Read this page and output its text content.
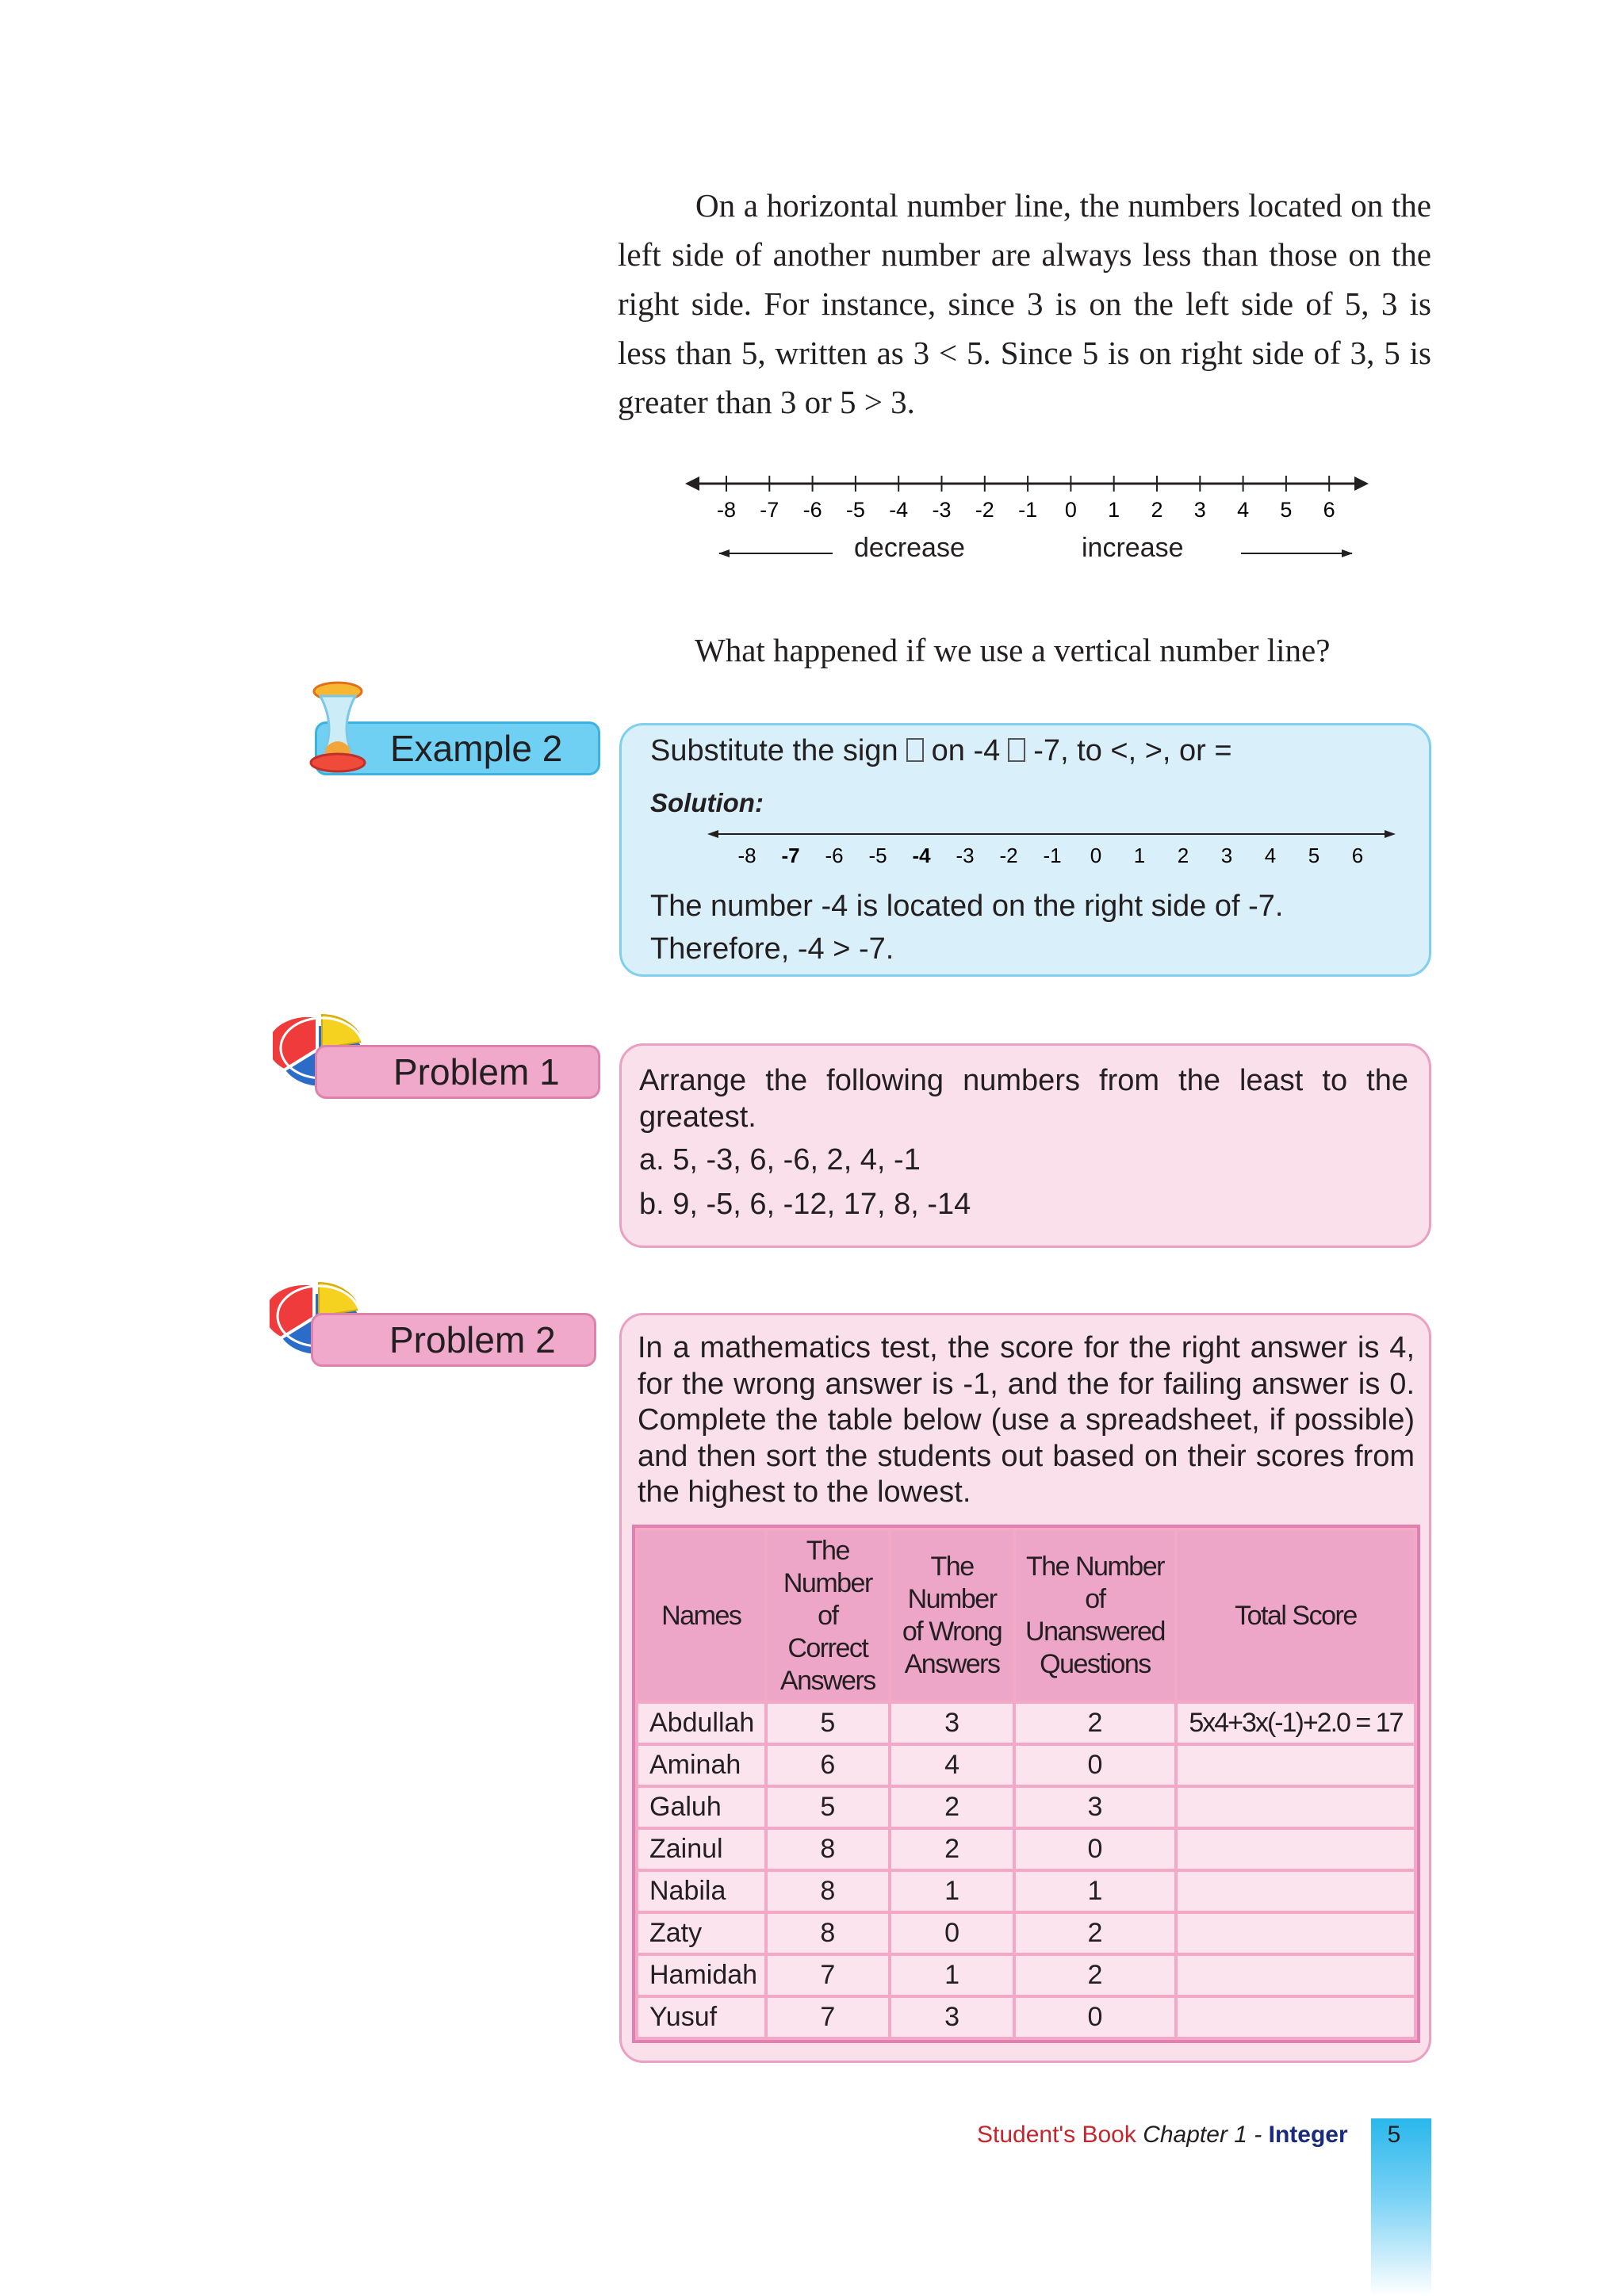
On a horizontal number line, the numbers located on the left side of another number are always less than those on the right side. For instance, since 3 is on the left side of 5, 3 is less than 5, written as 3 < 5. Since 5 is on right side of 3, 5 is greater than 3 or 5 > 3.
-8 -7 -6 -5 -4 -3 -2 -1 0 1 2 3 4 5 6
decrease	increase
What happened if we use a vertical number line?
Example 2	Substitute the sign on -4 -7, to <, >, or =
Solution:
-8 -7 -6 -5 -4 -3 -2 -1 0 1 2 3 4 5 6
The number -4 is located on the right side of -7.
Therefore, -4 > -7.
Problem 1	Arrange the following numbers from the least to the greatest.
a. 5, -3, 6, -6, 2, 4, -1
b. 9, -5, 6, -12, 17, 8, -14
Problem 2	In a mathematics test, the score for the right answer is 4, for the wrong answer is -1, and the for failing answer is 0. Complete the table below (use a spreadsheet, if possible) and then sort the students out based on their scores from the highest to the lowest.
Names	The Number of Correct Answers	The Number of Wrong Answers	The Number of Unanswered Questions	Total Score
Abdullah	5	3	2	5x4+3x(-1)+2.0 = 17
Aminah	6	4	0	
Galuh	5	2	3	
Zainul	8	2	0	
Nabila	8	1	1	
Zaty	8	0	2	
Hamidah	7	1	2	
Yusuf	7	3	0	
Student's Book Chapter 1 - Integer	5
